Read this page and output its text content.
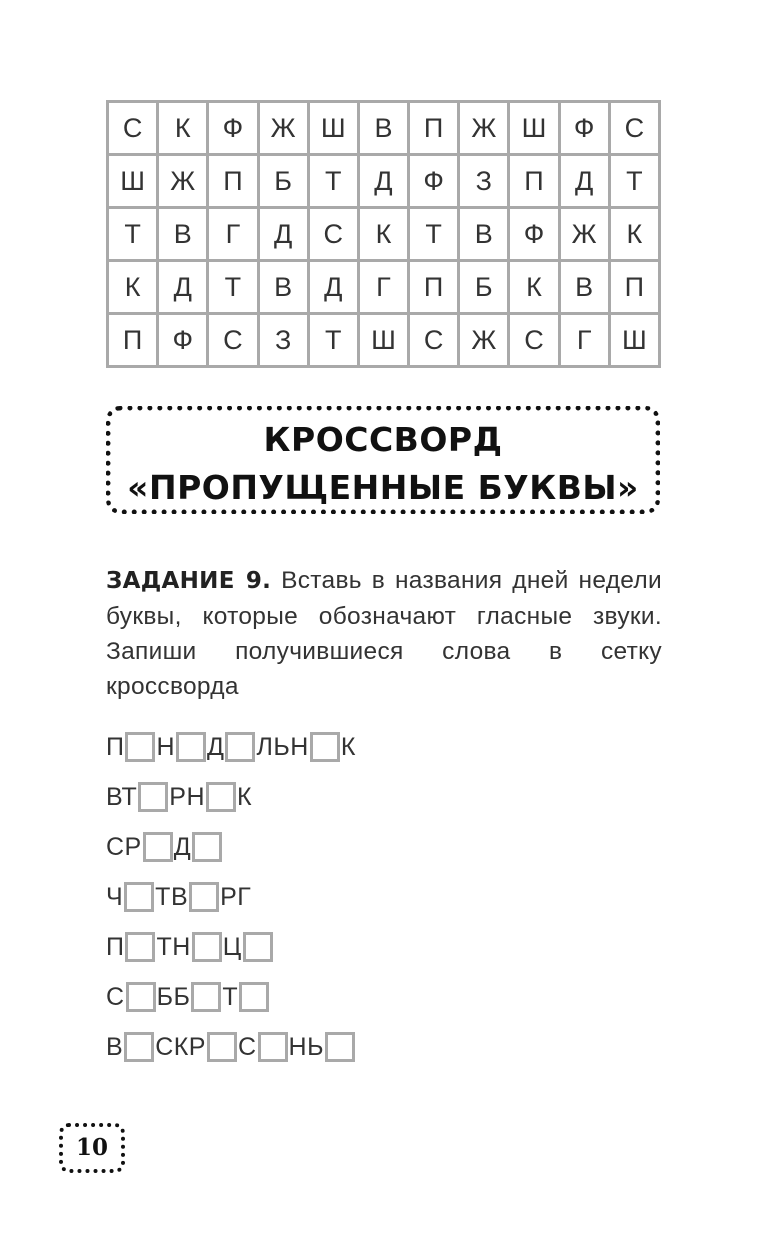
С	К	Ф	Ж	Ш	В	П	Ж	Ш	Ф	С
Ш	Ж	П	Б	Т	Д	Ф	З	П	Д	Т
Т	В	Г	Д	С	К	Т	В	Ф	Ж	К
К	Д	Т	В	Д	Г	П	Б	К	В	П
П	Ф	С	З	Т	Ш	С	Ж	С	Г	Ш
КРОССВОРД
«ПРОПУЩЕННЫЕ БУКВЫ»
ЗАДАНИЕ 9. Вставь в названия дней недели буквы, которые обозначают гласные звуки. Запиши получившиеся слова в сетку кроссворда
П Н Д ЛЬН К
ВТ РН К
СР Д
Ч ТВ РГ
П ТН Ц
С ББ Т
В СКР С НЬ
10
